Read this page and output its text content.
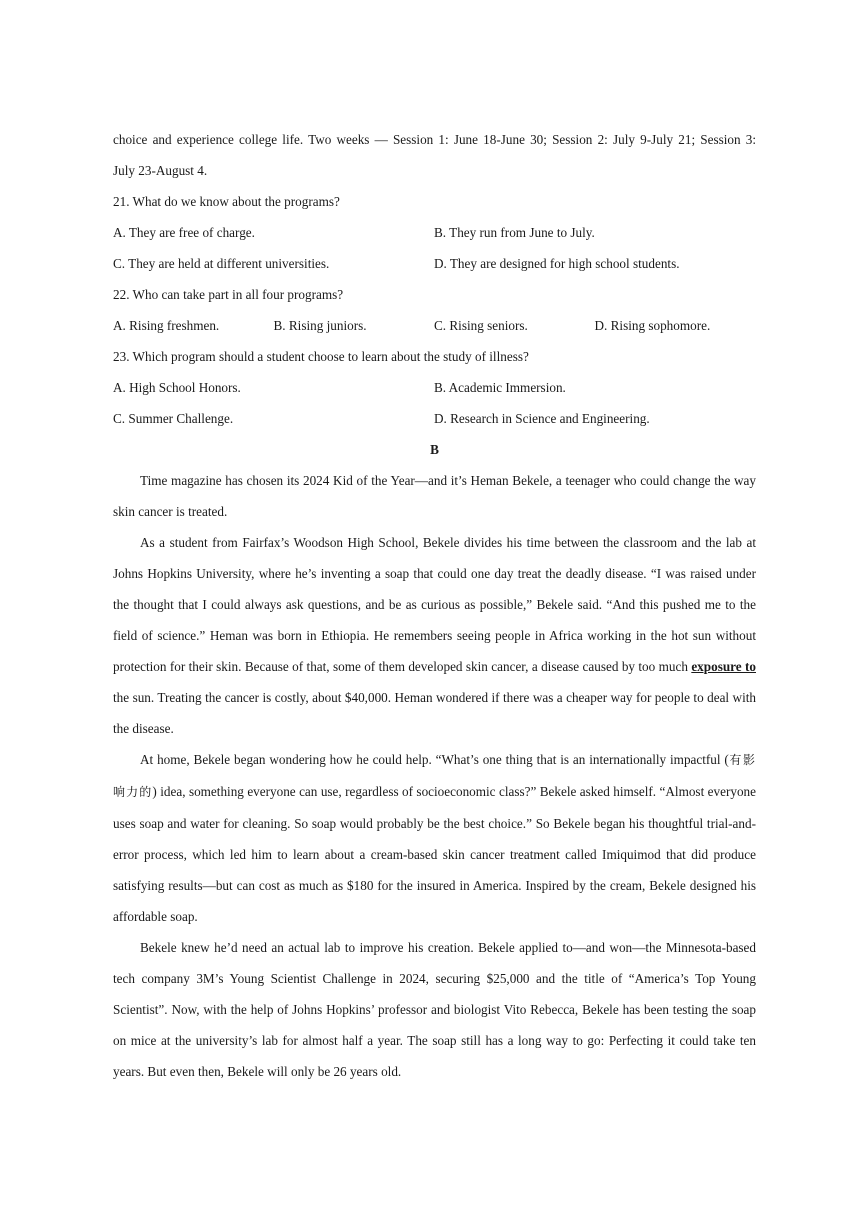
choice and experience college life. Two weeks — Session 1: June 18-June 30; Session 2: July 9-July 21; Session 3:
July 23-August 4.
21. What do we know about the programs?
A. They are free of charge.	B. They run from June to July.
C. They are held at different universities.	D. They are designed for high school students.
22. Who can take part in all four programs?
A. Rising freshmen.	B. Rising juniors.	C. Rising seniors.	D. Rising sophomore.
23. Which program should a student choose to learn about the study of illness?
A. High School Honors.	B. Academic Immersion.
C. Summer Challenge.	D. Research in Science and Engineering.
B

Time magazine has chosen its 2024 Kid of the Year—and it’s Heman Bekele, a teenager who could change the way skin cancer is treated.

As a student from Fairfax’s Woodson High School, Bekele divides his time between the classroom and the lab at Johns Hopkins University, where he’s inventing a soap that could one day treat the deadly disease. “I was raised under the thought that I could always ask questions, and be as curious as possible,” Bekele said. “And this pushed me to the field of science.” Heman was born in Ethiopia. He remembers seeing people in Africa working in the hot sun without protection for their skin. Because of that, some of them developed skin cancer, a disease caused by too much exposure to the sun. Treating the cancer is costly, about $40,000. Heman wondered if there was a cheaper way for people to deal with the disease.

At home, Bekele began wondering how he could help. “What’s one thing that is an internationally impactful (有影响力的) idea, something everyone can use, regardless of socioeconomic class?” Bekele asked himself. “Almost everyone uses soap and water for cleaning. So soap would probably be the best choice.” So Bekele began his thoughtful trial-and-error process, which led him to learn about a cream-based skin cancer treatment called Imiquimod that did produce satisfying results—but can cost as much as $180 for the insured in America. Inspired by the cream, Bekele designed his affordable soap.

Bekele knew he’d need an actual lab to improve his creation. Bekele applied to—and won—the Minnesota-based tech company 3M’s Young Scientist Challenge in 2024, securing $25,000 and the title of “America’s Top Young Scientist”. Now, with the help of Johns Hopkins’ professor and biologist Vito Rebecca, Bekele has been testing the soap on mice at the university’s lab for almost half a year. The soap still has a long way to go: Perfecting it could take ten years. But even then, Bekele will only be 26 years old.
